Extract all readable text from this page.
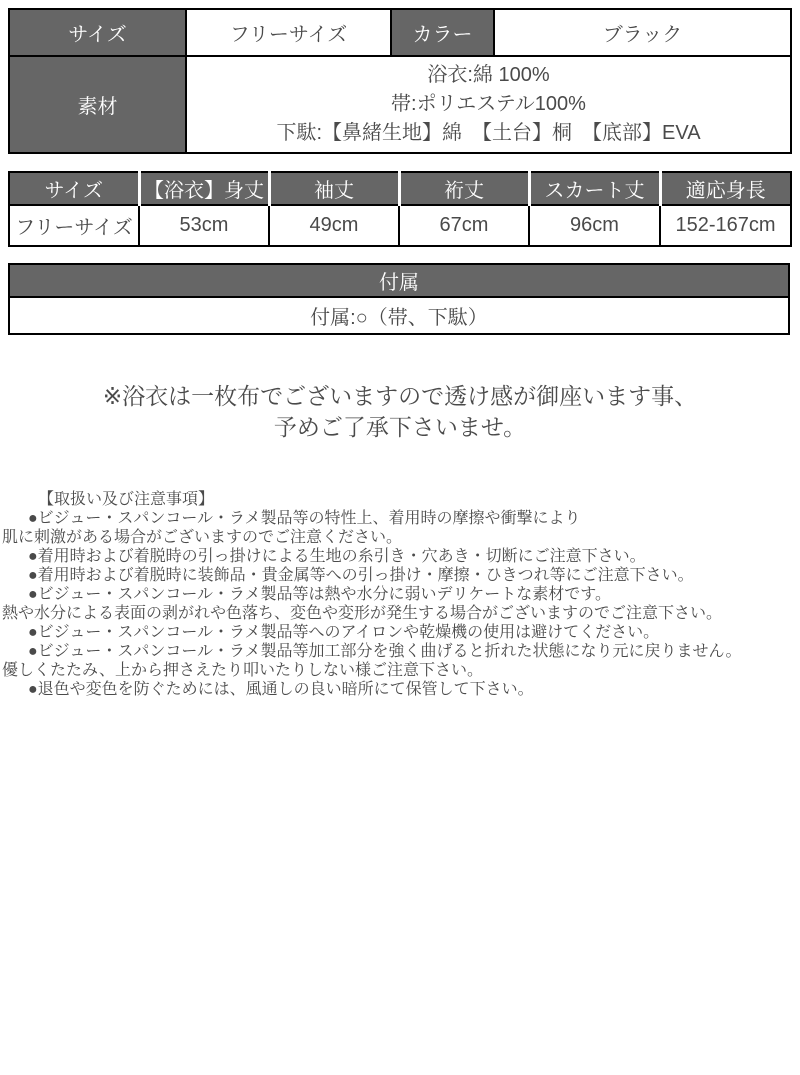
サイズ	フリーサイズ	カラー	ブラック
素材	浴衣:綿 100%
帯:ポリエステル100%
下駄:【鼻緒生地】綿　【土台】桐　【底部】EVA		
サイズ	【浴衣】身丈	袖丈	裄丈	スカート丈	適応身長
フリーサイズ	53cm	49cm	67cm	96cm	152-167cm
付属
付属:○（帯、下駄）
※浴衣は一枚布でございますので透け感が御座います事、
予めご了承下さいませ。
【取扱い及び注意事項】
●ビジュー・スパンコール・ラメ製品等の特性上、着用時の摩擦や衝撃により
肌に刺激がある場合がございますのでご注意ください。
●着用時および着脱時の引っ掛けによる生地の糸引き・穴あき・切断にご注意下さい。
●着用時および着脱時に装飾品・貴金属等への引っ掛け・摩擦・ひきつれ等にご注意下さい。
●ビジュー・スパンコール・ラメ製品等は熱や水分に弱いデリケートな素材です。
熱や水分による表面の剥がれや色落ち、変色や変形が発生する場合がございますのでご注意下さい。
●ビジュー・スパンコール・ラメ製品等へのアイロンや乾燥機の使用は避けてください。
●ビジュー・スパンコール・ラメ製品等加工部分を強く曲げると折れた状態になり元に戻りません。
優しくたたみ、上から押さえたり叩いたりしない様ご注意下さい。
●退色や変色を防ぐためには、風通しの良い暗所にて保管して下さい。
